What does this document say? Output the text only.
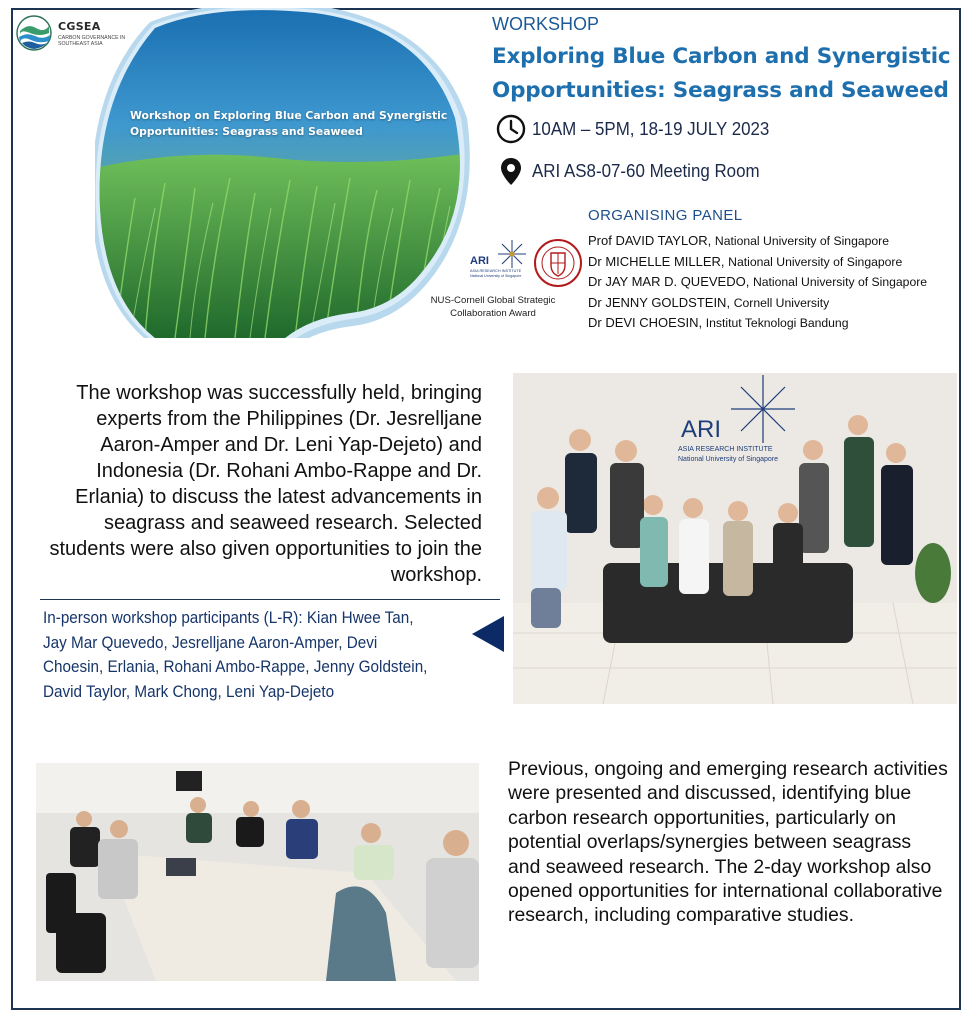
CGSEA
CARBON GOVERNANCE IN SOUTHEAST ASIA
Workshop on Exploring Blue Carbon and Synergistic Opportunities: Seagrass and Seaweed
WORKSHOP
Exploring Blue Carbon and Synergistic Opportunities: Seagrass and Seaweed
10AM – 5PM, 18-19 JULY 2023
ARI AS8-07-60 Meeting Room
ARI
ASIA RESEARCH INSTITUTE
National University of Singapore
NUS-Cornell Global Strategic Collaboration Award
ORGANISING PANEL
Prof DAVID TAYLOR, National University of Singapore
Dr MICHELLE MILLER, National University of Singapore
Dr JAY MAR D. QUEVEDO, National University of Singapore
Dr JENNY GOLDSTEIN, Cornell University
Dr DEVI CHOESIN, Institut Teknologi Bandung
The workshop was successfully held, bringing experts from the Philippines (Dr. Jesrelljane Aaron-Amper and Dr. Leni Yap-Dejeto) and Indonesia (Dr. Rohani Ambo-Rappe and Dr. Erlania) to discuss the latest advancements in seagrass and seaweed research. Selected students were also given opportunities to join the workshop.
In-person workshop participants (L-R): Kian Hwee Tan, Jay Mar Quevedo, Jesrelljane Aaron-Amper, Devi Choesin, Erlania, Rohani Ambo-Rappe, Jenny Goldstein, David Taylor, Mark Chong, Leni Yap-Dejeto
ARI
ASIA RESEARCH INSTITUTE
National University of Singapore
Previous, ongoing and emerging research activities were presented and discussed, identifying blue carbon research opportunities, particularly on potential overlaps/synergies between seagrass and seaweed research. The 2-day workshop also opened opportunities for international collaborative research, including comparative studies.
